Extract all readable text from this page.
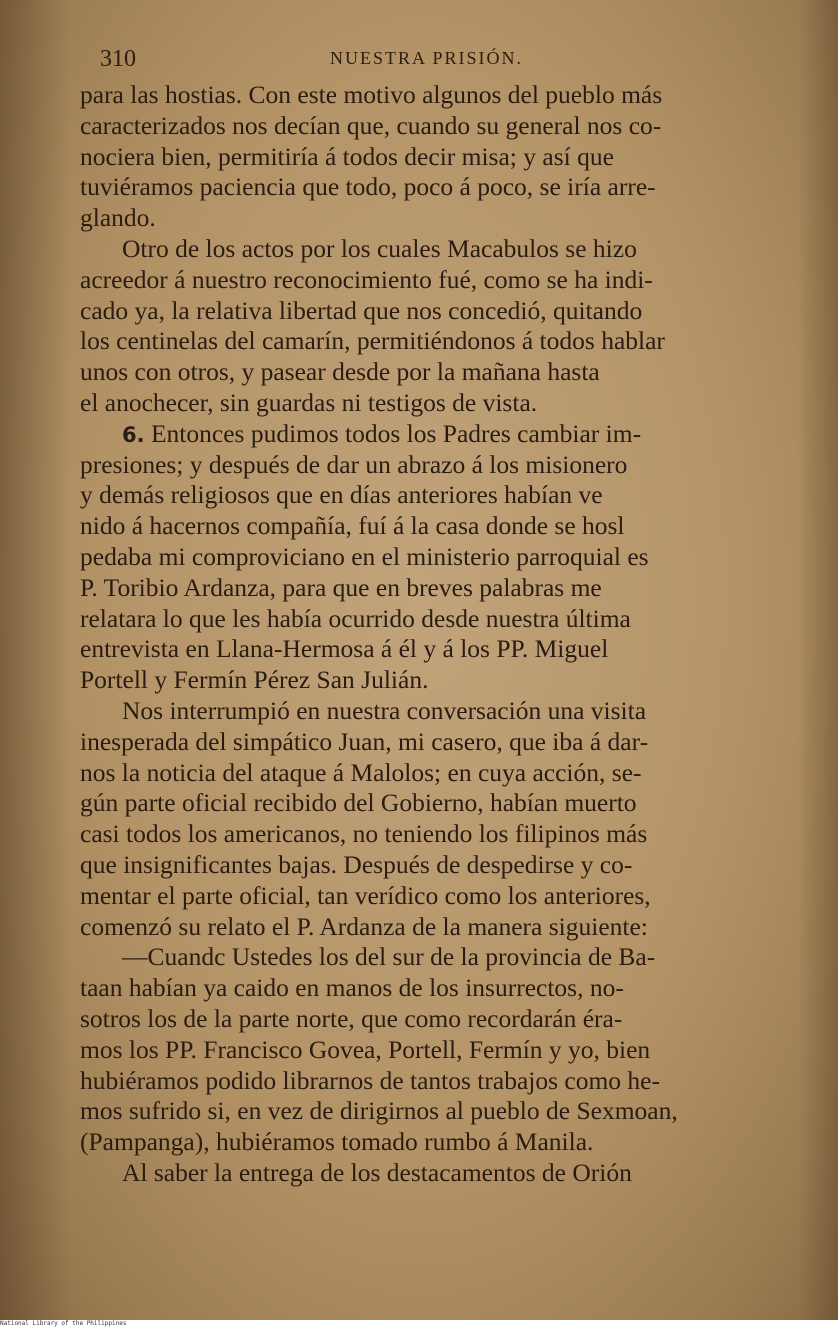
310	NUESTRA PRISIÓN.
para las hostias. Con este motivo algunos del pueblo más
caracterizados nos decían que, cuando su general nos co-
nociera bien, permitiría á todos decir misa; y así que
tuviéramos paciencia que todo, poco á poco, se iría arre-
glando.
Otro de los actos por los cuales Macabulos se hizo
acreedor á nuestro reconocimiento fué, como se ha indi-
cado ya, la relativa libertad que nos concedió, quitando
los centinelas del camarín, permitiéndonos á todos hablar
unos con otros, y pasear desde por la mañana hasta
el anochecer, sin guardas ni testigos de vista.
6. Entonces pudimos todos los Padres cambiar im-
presiones; y después de dar un abrazo á los misionero
y demás religiosos que en días anteriores habían ve
nido á hacernos compañía, fuí á la casa donde se hosl
pedaba mi comproviciano en el ministerio parroquial es
P. Toribio Ardanza, para que en breves palabras me
relatara lo que les había ocurrido desde nuestra última
entrevista en Llana-Hermosa á él y á los PP. Miguel
Portell y Fermín Pérez San Julián.
Nos interrumpió en nuestra conversación una visita
inesperada del simpático Juan, mi casero, que iba á dar-
nos la noticia del ataque á Malolos; en cuya acción, se-
gún parte oficial recibido del Gobierno, habían muerto
casi todos los americanos, no teniendo los filipinos más
que insignificantes bajas. Después de despedirse y co-
mentar el parte oficial, tan verídico como los anteriores,
comenzó su relato el P. Ardanza de la manera siguiente:
—Cuandc Ustedes los del sur de la provincia de Ba-
taan habían ya caido en manos de los insurrectos, no-
sotros los de la parte norte, que como recordarán éra-
mos los PP. Francisco Govea, Portell, Fermín y yo, bien
hubiéramos podido librarnos de tantos trabajos como he-
mos sufrido si, en vez de dirigirnos al pueblo de Sexmoan,
(Pampanga), hubiéramos tomado rumbo á Manila.
Al saber la entrega de los destacamentos de Orión
National Library of the Philippines
